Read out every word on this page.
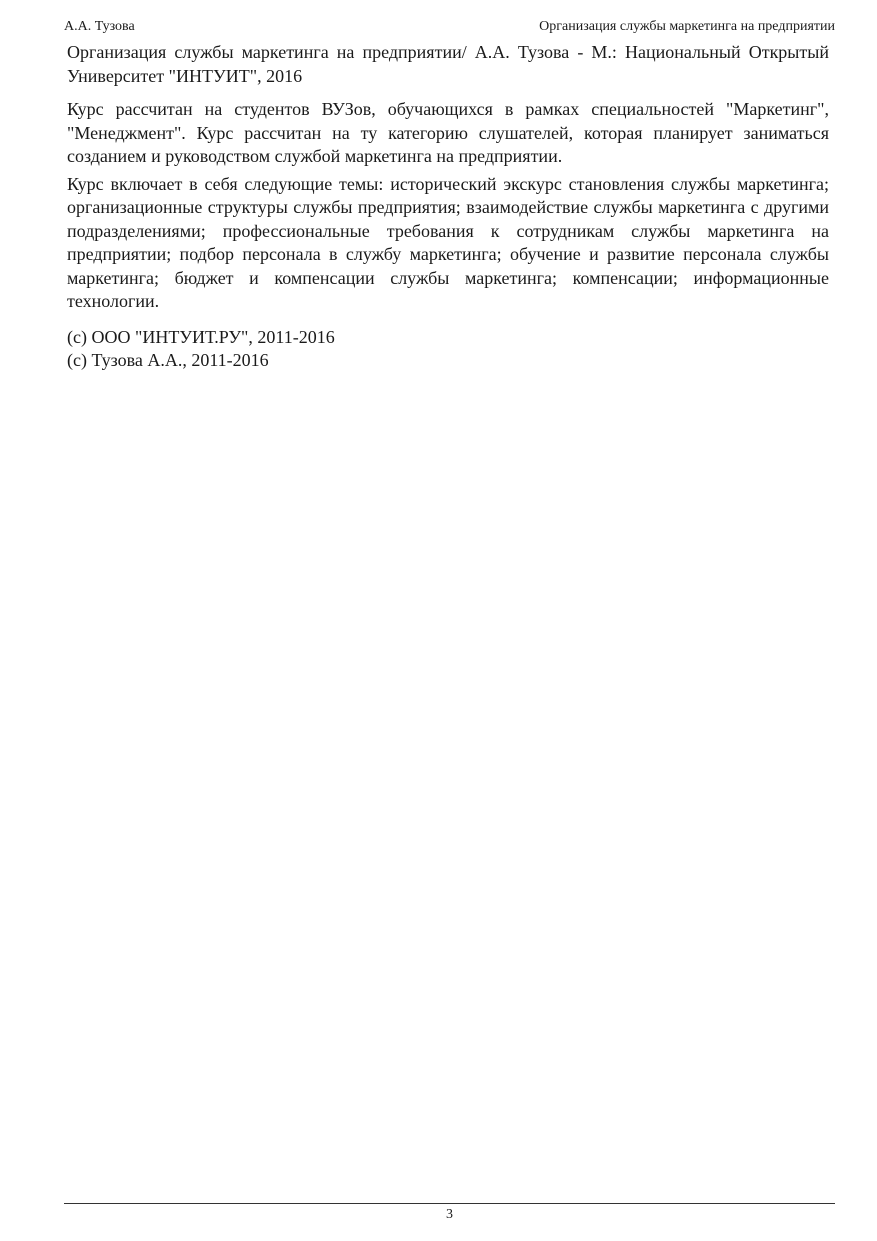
А.А. Тузова	Организация службы маркетинга на предприятии

Организация службы маркетинга на предприятии/ А.А. Тузова - М.: Национальный Открытый Университет "ИНТУИТ", 2016

Курс рассчитан на студентов ВУЗов, обучающихся в рамках специальностей "Маркетинг", "Менеджмент". Курс рассчитан на ту категорию слушателей, которая планирует заниматься созданием и руководством службой маркетинга на предприятии.

Курс включает в себя следующие темы: исторический экскурс становления службы маркетинга; организационные структуры службы предприятия; взаимодействие службы маркетинга с другими подразделениями; профессиональные требования к сотрудникам службы маркетинга на предприятии; подбор персонала в службу маркетинга; обучение и развитие персонала службы маркетинга; бюджет и компенсации службы маркетинга; компенсации; информационные технологии.

(c) ООО "ИНТУИТ.РУ", 2011-2016

(c) Тузова А.А., 2011-2016

3
